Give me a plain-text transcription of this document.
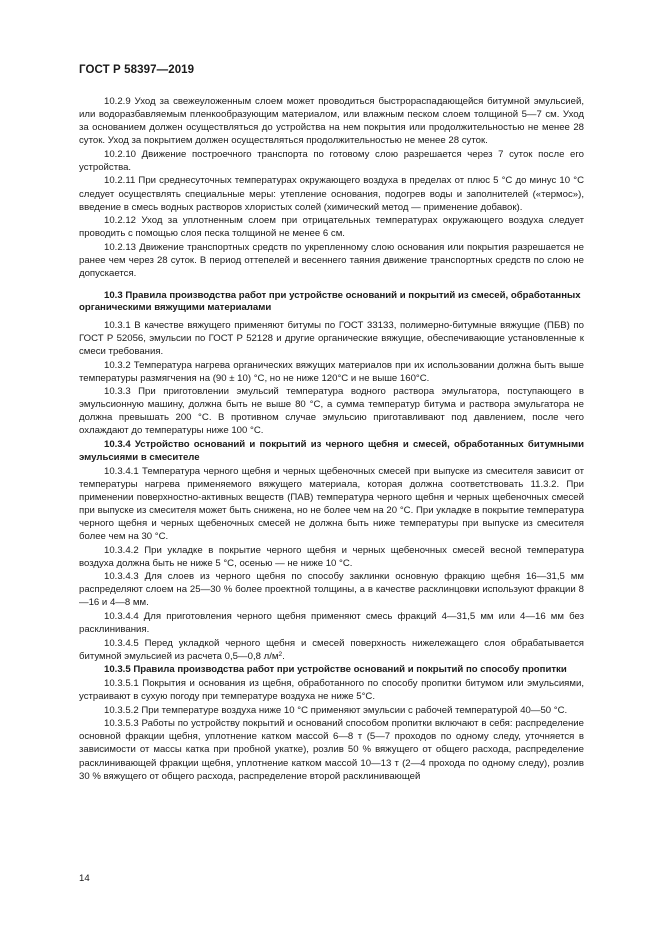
ГОСТ Р 58397—2019

10.2.9 Уход за свежеуложенным слоем может проводиться быстрораспадающейся битумной эмульсией, или водоразбавляемым пленкообразующим материалом, или влажным песком слоем толщиной 5—7 см. Уход за основанием должен осуществляться до устройства на нем покрытия или продолжительностью не менее 28 суток. Уход за покрытием должен осуществляться продолжительностью не менее 28 суток.

10.2.10 Движение построечного транспорта по готовому слою разрешается через 7 суток после его устройства.

10.2.11 При среднесуточных температурах окружающего воздуха в пределах от плюс 5 °С до минус 10 °С следует осуществлять специальные меры: утепление основания, подогрев воды и заполнителей («термос»), введение в смесь водных растворов хлористых солей (химический метод — применение добавок).

10.2.12 Уход за уплотненным слоем при отрицательных температурах окружающего воздуха следует проводить с помощью слоя песка толщиной не менее 6 см.

10.2.13 Движение транспортных средств по укрепленному слою основания или покрытия разрешается не ранее чем через 28 суток. В период оттепелей и весеннего таяния движение транспортных средств по слою не допускается.

10.3 Правила производства работ при устройстве оснований и покрытий из смесей, обработанных органическими вяжущими материалами

10.3.1 В качестве вяжущего применяют битумы по ГОСТ 33133, полимерно-битумные вяжущие (ПБВ) по ГОСТ Р 52056, эмульсии по ГОСТ Р 52128 и другие органические вяжущие, обеспечивающие установленные к смеси требования.

10.3.2 Температура нагрева органических вяжущих материалов при их использовании должна быть выше температуры размягчения на (90 ± 10) °С, но не ниже 120°С и не выше 160°С.

10.3.3 При приготовлении эмульсий температура водного раствора эмульгатора, поступающего в эмульсионную машину, должна быть не выше 80 °С, а сумма температур битума и раствора эмульгатора не должна превышать 200 °С. В противном случае эмульсию приготавливают под давлением, после чего охлаждают до температуры ниже 100 °С.

10.3.4 Устройство оснований и покрытий из черного щебня и смесей, обработанных битумными эмульсиями в смесителе

10.3.4.1 Температура черного щебня и черных щебеночных смесей при выпуске из смесителя зависит от температуры нагрева применяемого вяжущего материала, которая должна соответствовать 11.3.2. При применении поверхностно-активных веществ (ПАВ) температура черного щебня и черных щебеночных смесей при выпуске из смесителя может быть снижена, но не более чем на 20 °С. При укладке в покрытие температура черного щебня и черных щебеночных смесей не должна быть ниже температуры при выпуске из смесителя более чем на 30 °С.

10.3.4.2 При укладке в покрытие черного щебня и черных щебеночных смесей весной температура воздуха должна быть не ниже 5 °С, осенью — не ниже 10 °С.

10.3.4.3 Для слоев из черного щебня по способу заклинки основную фракцию щебня 16—31,5 мм распределяют слоем на 25—30 % более проектной толщины, а в качестве расклинцовки используют фракции 8—16 и 4—8 мм.

10.3.4.4 Для приготовления черного щебня применяют смесь фракций 4—31,5 мм или 4—16 мм без расклинивания.

10.3.4.5 Перед укладкой черного щебня и смесей поверхность нижележащего слоя обрабатывается битумной эмульсией из расчета 0,5—0,8 $л/м^2$.

10.3.5 Правила производства работ при устройстве оснований и покрытий по способу пропитки

10.3.5.1 Покрытия и основания из щебня, обработанного по способу пропитки битумом или эмульсиями, устраивают в сухую погоду при температуре воздуха не ниже 5°С.

10.3.5.2 При температуре воздуха ниже 10 °С применяют эмульсии с рабочей температурой 40—50 °С.

10.3.5.3 Работы по устройству покрытий и оснований способом пропитки включают в себя: распределение основной фракции щебня, уплотнение катком массой 6—8 т (5—7 проходов по одному следу, уточняется в зависимости от массы катка при пробной укатке), розлив 50 % вяжущего от общего расхода, распределение расклинивающей фракции щебня, уплотнение катком массой 10—13 т (2—4 прохода по одному следу), розлив 30 % вяжущего от общего расхода, распределение второй расклинивающей

14
